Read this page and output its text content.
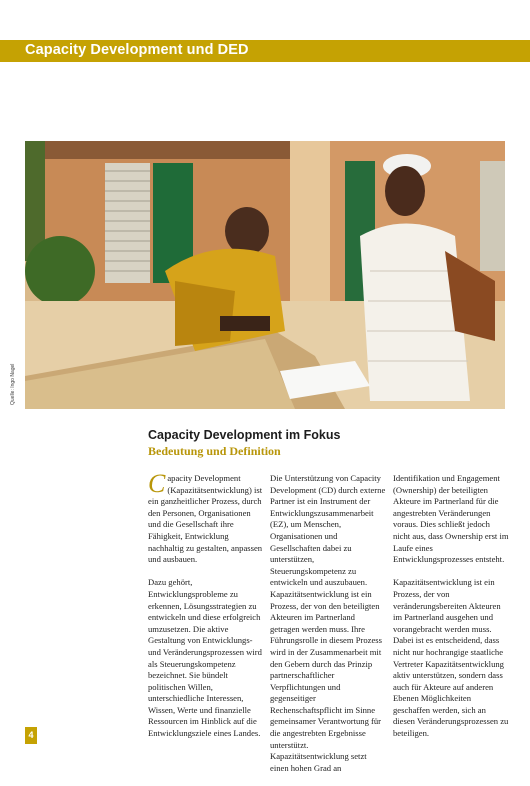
Capacity Development und DED
Quelle: Ingo Nagel
Capacity Development im Fokus
Bedeutung und Definition

Capacity Development (Kapazitätsentwicklung) ist ein ganzheitlicher Prozess, durch den Personen, Organisationen und die Gesellschaft ihre Fähigkeit, Entwicklung nachhaltig zu gestalten, anpassen und ausbauen.

Dazu gehört, Entwicklungsprobleme zu erkennen, Lösungsstrategien zu entwickeln und diese erfolgreich umzusetzen. Die aktive Gestaltung von Entwicklungs- und Veränderungsprozessen wird als Steuerungskompetenz bezeichnet. Sie bündelt politischen Willen, unterschiedliche Interessen, Wissen, Werte und finanzielle Ressourcen im Hinblick auf die Entwicklungsziele eines Landes.

Die Unterstützung von Capacity Development (CD) durch externe Partner ist ein Instrument der Entwicklungszusammenarbeit (EZ), um Menschen, Organisationen und Gesellschaften dabei zu unterstützen, Steuerungskompetenz zu entwickeln und auszubauen. Kapazitätsentwicklung ist ein Prozess, der von den beteiligten Akteuren im Partnerland getragen werden muss. Ihre Führungsrolle in diesem Prozess wird in der Zusammenarbeit mit den Gebern durch das Prinzip partnerschaftlicher Verpflichtungen und gegenseitiger Rechenschaftspflicht im Sinne gemeinsamer Verantwortung für die angestrebten Ergebnisse unterstützt. Kapazitätsentwicklung setzt einen hohen Grad an

Identifikation und Engagement (Ownership) der beteiligten Akteure im Partnerland für die angestrebten Veränderungen voraus. Dies schließt jedoch nicht aus, dass Ownership erst im Laufe eines Entwicklungsprozesses entsteht.

Kapazitätsentwicklung ist ein Prozess, der von veränderungsbereiten Akteuren im Partnerland ausgehen und vorangebracht werden muss. Dabei ist es entscheidend, dass nicht nur hochrangige staatliche Vertreter Kapazitätsentwicklung aktiv unterstützen, sondern dass auch für Akteure auf anderen Ebenen Möglichkeiten geschaffen werden, sich an diesen Veränderungsprozessen zu beteiligen.

4
